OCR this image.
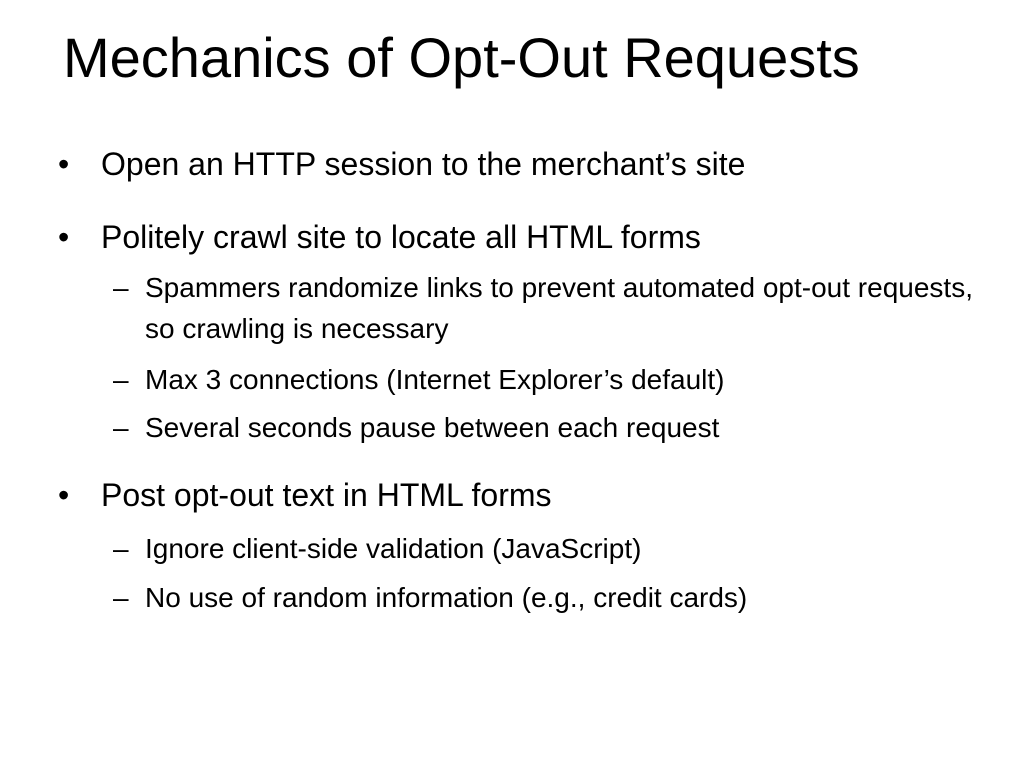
Mechanics of Opt-Out Requests
• Open an HTTP session to the merchant’s site
• Politely crawl site to locate all HTML forms
– Spammers randomize links to prevent automated opt-out requests, so crawling is necessary
– Max 3 connections (Internet Explorer’s default)
– Several seconds pause between each request
• Post opt-out text in HTML forms
– Ignore client-side validation (JavaScript)
– No use of random information (e.g., credit cards)
